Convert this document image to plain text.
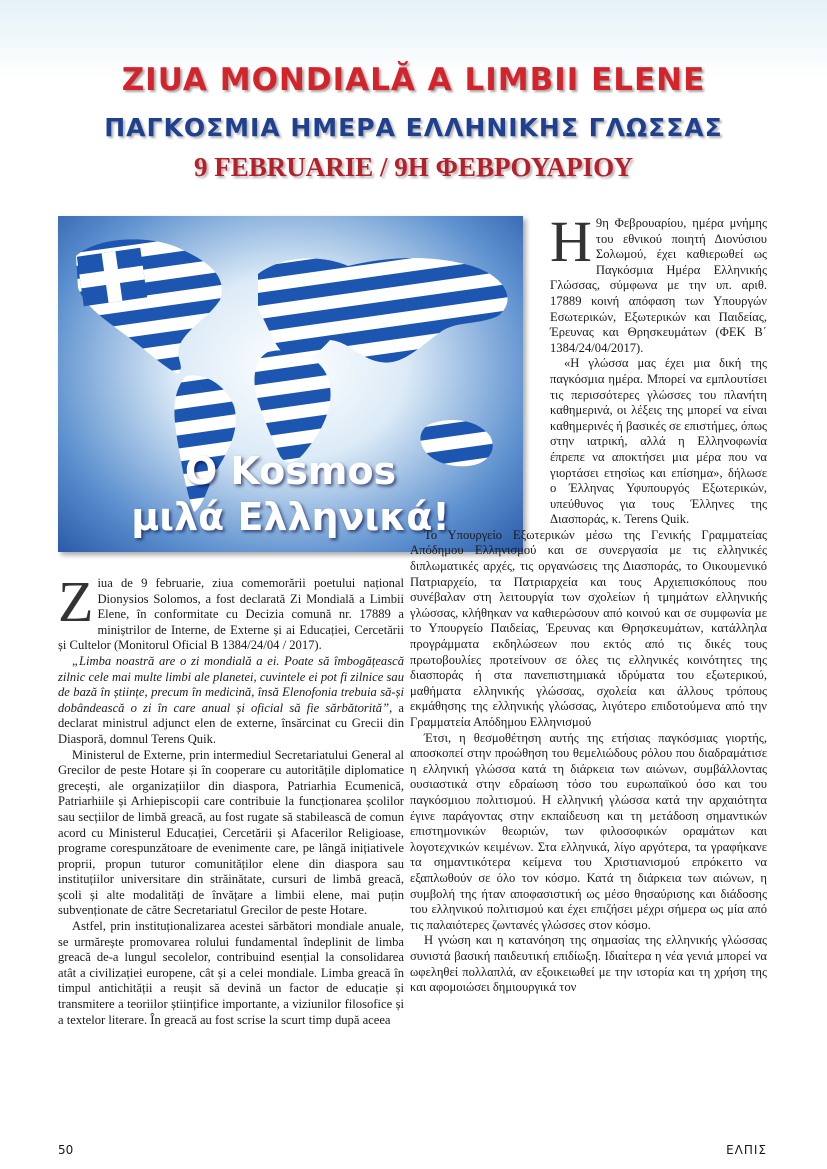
ZIUA MONDIALĂ A LIMBII ELENE
ΠΑΓΚΟΣΜΙΑ ΗΜΕΡΑ ΕΛΛΗΝΙΚΗΣ ΓΛΩΣΣΑΣ
9 FEBRUARIE / 9Η ΦΕΒΡΟΥΑΡΙΟΥ
O Kosmos
μιλά Ελληνικά!

Ziua de 9 februarie, ziua comemorării poetului național Dionysios Solomos, a fost declarată Zi Mondială a Limbii Elene, în conformitate cu Decizia comună nr. 17889 a miniștrilor de Interne, de Externe și ai Educației, Cercetării și Cultelor (Monitorul Oficial B 1384/24/04 / 2017).

„Limba noastră are o zi mondială a ei. Poate să îmbogățească zilnic cele mai multe limbi ale planetei, cuvintele ei pot fi zilnice sau de bază în științe, precum în medicină, însă Elenofonia trebuia să-și dobândească o zi în care anual și oficial să fie sărbătorită”, a declarat ministrul adjunct elen de externe, însărcinat cu Grecii din Diasporă, domnul Terens Quik.

Ministerul de Externe, prin intermediul Secretariatului General al Grecilor de peste Hotare și în cooperare cu autoritățile diplomatice grecești, ale organizațiilor din diaspora, Patriarhia Ecumenică, Patriarhiile și Arhiepiscopii care contribuie la funcționarea școlilor sau secțiilor de limbă greacă, au fost rugate să stabilească de comun acord cu Ministerul Educației, Cercetării și Afacerilor Religioase, programe corespunzătoare de evenimente care, pe lângă inițiativele proprii, propun tuturor comunităților elene din diaspora sau instituțiilor universitare din străinătate, cursuri de limbă greacă, școli și alte modalități de învățare a limbii elene, mai puțin subvenționate de către Secretariatul Grecilor de peste Hotare.

Astfel, prin instituționalizarea acestei sărbători mondiale anuale, se urmărește promovarea rolului fundamental îndeplinit de limba greacă de-a lungul secolelor, contribuind esențial la consolidarea atât a civilizației europene, cât și a celei mondiale. Limba greacă în timpul antichității a reușit să devină un factor de educație și transmitere a teoriilor științifice importante, a viziunilor filosofice și a textelor literare. În greacă au fost scrise la scurt timp după aceea

Η 9η Φεβρουαρίου, ημέρα μνήμης του εθνικού ποιητή Διονύσιου Σολωμού, έχει καθιερωθεί ως Παγκόσμια Ημέρα Ελληνικής Γλώσσας, σύμφωνα με την υπ. αριθ. 17889 κοινή απόφαση των Υπουργών Εσωτερικών, Εξωτερικών και Παιδείας, Έρευνας και Θρησκευμάτων (ΦΕΚ Β΄ 1384/24/04/2017).

«Η γλώσσα μας έχει μια δική της παγκόσμια ημέρα. Μπορεί να εμπλουτίσει τις περισσότερες γλώσσες του πλανήτη καθημερινά, οι λέξεις της μπορεί να είναι καθημερινές ή βασικές σε επιστήμες, όπως στην ιατρική, αλλά η Ελληνοφωνία έπρεπε να αποκτήσει μια μέρα που να γιορτάσει ετησίως και επίσημα», δήλωσε ο Έλληνας Υφυπουργός Εξωτερικών, υπεύθυνος για τους Έλληνες της Διασποράς, κ. Terens Quik.

Το Υπουργείο Εξωτερικών μέσω της Γενικής Γραμματείας Απόδημου Ελληνισμού και σε συνεργασία με τις ελληνικές διπλωματικές αρχές, τις οργανώσεις της Διασποράς, το Οικουμενικό Πατριαρχείο, τα Πατριαρχεία και τους Αρχιεπισκόπους που συνέβαλαν στη λειτουργία των σχολείων ή τμημάτων ελληνικής γλώσσας, κλήθηκαν να καθιερώσουν από κοινού και σε συμφωνία με το Υπουργείο Παιδείας, Έρευνας και Θρησκευμάτων, κατάλληλα προγράμματα εκδηλώσεων που εκτός από τις δικές τους πρωτοβουλίες προτείνουν σε όλες τις ελληνικές κοινότητες της διασποράς ή στα πανεπιστημιακά ιδρύματα του εξωτερικού, μαθήματα ελληνικής γλώσσας, σχολεία και άλλους τρόπους εκμάθησης της ελληνικής γλώσσας, λιγότερο επιδοτούμενα από την Γραμματεία Απόδημου Ελληνισμού

Έτσι, η θεσμοθέτηση αυτής της ετήσιας παγκόσμιας γιορτής, αποσκοπεί στην προώθηση του θεμελιώδους ρόλου που διαδραμάτισε η ελληνική γλώσσα κατά τη διάρκεια των αιώνων, συμβάλλοντας ουσιαστικά στην εδραίωση τόσο του ευρωπαϊκού όσο και του παγκόσμιου πολιτισμού. Η ελληνική γλώσσα κατά την αρχαιότητα έγινε παράγοντας στην εκπαίδευση και τη μετάδοση σημαντικών επιστημονικών θεωριών, των φιλοσοφικών οραμάτων και λογοτεχνικών κειμένων. Στα ελληνικά, λίγο αργότερα, τα γραφήκανε τα σημαντικότερα κείμενα του Χριστιανισμού επρόκειτο να εξαπλωθούν σε όλο τον κόσμο. Κατά τη διάρκεια των αιώνων, η συμβολή της ήταν αποφασιστική ως μέσο θησαύρισης και διάδοσης του ελληνικού πολιτισμού και έχει επιζήσει μέχρι σήμερα ως μία από τις παλαιότερες ζωντανές γλώσσες στον κόσμο.

Η γνώση και η κατανόηση της σημασίας της ελληνικής γλώσσας συνιστά βασική παιδευτική επιδίωξη. Ιδιαίτερα η νέα γενιά μπορεί να ωφεληθεί πολλαπλά, αν εξοικειωθεί με την ιστορία και τη χρήση της και αφομοιώσει δημιουργικά τον

50	ΕΛΠΙΣ
